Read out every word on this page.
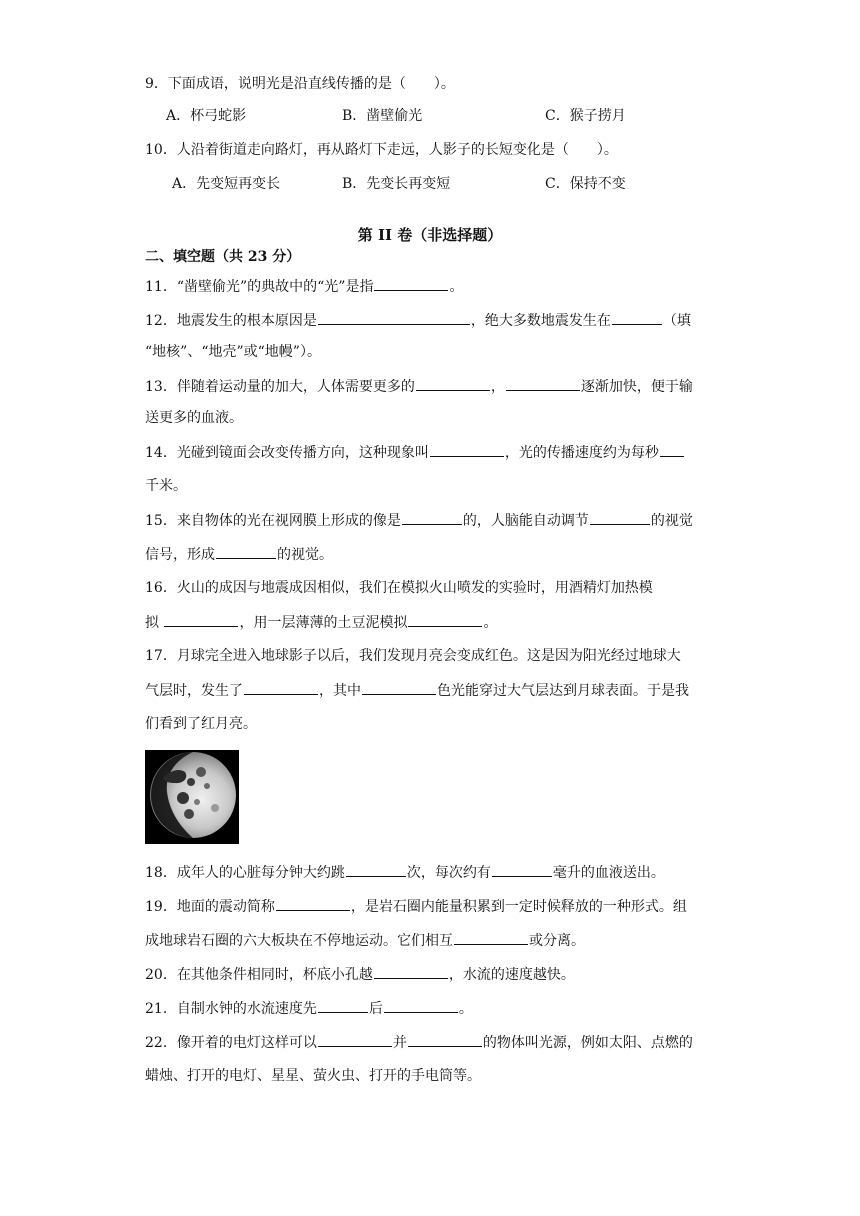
9．下面成语，说明光是沿直线传播的是（　　）。
A．杯弓蛇影	B．凿壁偷光	C．猴子捞月
10．人沿着街道走向路灯，再从路灯下走远，人影子的长短变化是（　　）。
A．先变短再变长	B．先变长再变短	C．保持不变
第 II 卷（非选择题）
二、填空题（共 23 分）
11．“凿壁偷光”的典故中的“光”是指	。
12．地震发生的根本原因是	，绝大多数地震发生在	（填
“地核”、“地壳”或“地幔”）。
13．伴随着运动量的加大，人体需要更多的	，	逐渐加快，便于输
送更多的血液。
14．光碰到镜面会改变传播方向，这种现象叫	，光的传播速度约为每秒
千米。
15．来自物体的光在视网膜上形成的像是	的，人脑能自动调节	的视觉
信号，形成	的视觉。
16．火山的成因与地震成因相似，我们在模拟火山喷发的实验时，用酒精灯加热模
拟	，用一层薄薄的土豆泥模拟	。
17．月球完全进入地球影子以后，我们发现月亮会变成红色。这是因为阳光经过地球大
气层时，发生了	，其中	色光能穿过大气层达到月球表面。于是我
们看到了红月亮。
18．成年人的心脏每分钟大约跳	次，每次约有	毫升的血液送出。
19．地面的震动简称	，是岩石圈内能量积累到一定时候释放的一种形式。组
成地球岩石圈的六大板块在不停地运动。它们相互	或分离。
20．在其他条件相同时，杯底小孔越	，水流的速度越快。
21．自制水钟的水流速度先	后	。
22．像开着的电灯这样可以	并	的物体叫光源，例如太阳、点燃的
蜡烛、打开的电灯、星星、萤火虫、打开的手电筒等。
